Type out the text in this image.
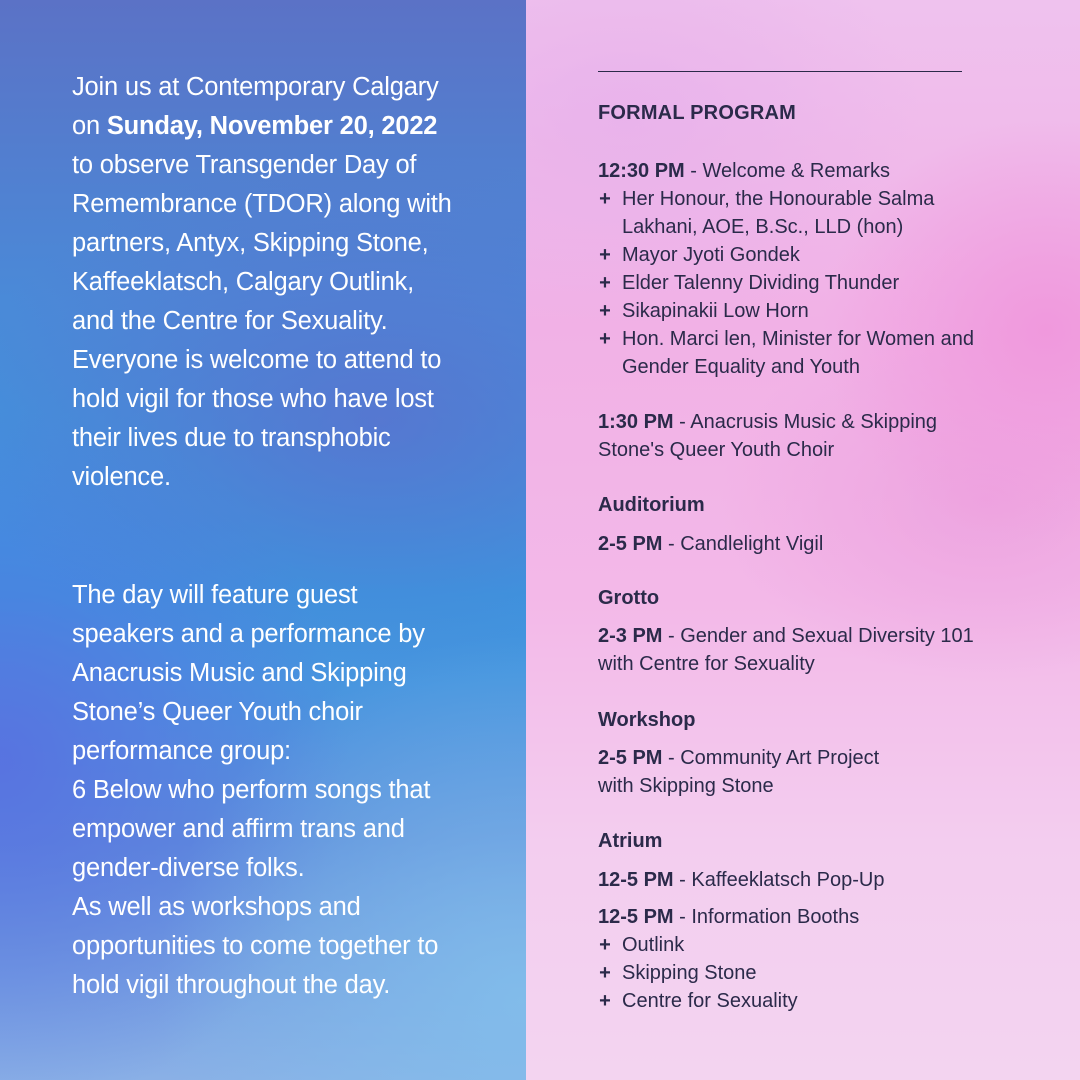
Join us at Contemporary Calgary on Sunday, November 20, 2022 to observe Transgender Day of Remembrance (TDOR) along with partners, Antyx, Skipping Stone, Kaffeeklatsch, Calgary Outlink, and the Centre for Sexuality. Everyone is welcome to attend to hold vigil for those who have lost their lives due to transphobic violence.
The day will feature guest speakers and a performance by Anacrusis Music and Skipping Stone’s Queer Youth choir performance group:
6 Below who perform songs that empower and affirm trans and gender-diverse folks.
As well as workshops and opportunities to come together to hold vigil throughout the day.
FORMAL PROGRAM
12:30 PM - Welcome & Remarks
+ Her Honour, the Honourable Salma Lakhani, AOE, B.Sc., LLD (hon)
+ Mayor Jyoti Gondek
+ Elder Talenny Dividing Thunder
+ Sikapinakii Low Horn
+ Hon. Marci len, Minister for Women and Gender Equality and Youth
1:30 PM - Anacrusis Music & Skipping Stone's Queer Youth Choir
Auditorium
2-5 PM - Candlelight Vigil
Grotto
2-3 PM - Gender and Sexual Diversity 101 with Centre for Sexuality
Workshop
2-5 PM - Community Art Project with Skipping Stone
Atrium
12-5 PM - Kaffeeklatsch Pop-Up
12-5 PM - Information Booths
+ Outlink
+ Skipping Stone
+ Centre for Sexuality
